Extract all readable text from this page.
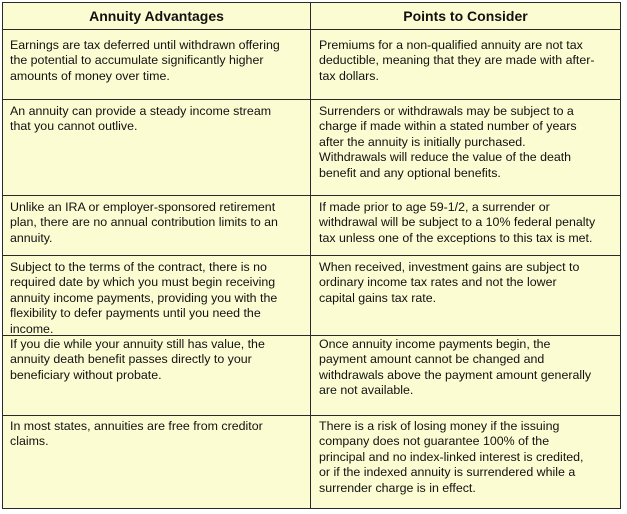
Annuity Advantages	Points to Consider
Earnings are tax deferred until withdrawn offering
the potential to accumulate significantly higher
amounts of money over time.
Premiums for a non-qualified annuity are not tax
deductible, meaning that they are made with after-
tax dollars.
An annuity can provide a steady income stream
that you cannot outlive.
Surrenders or withdrawals may be subject to a
charge if made within a stated number of years
after the annuity is initially purchased.
Withdrawals will reduce the value of the death
benefit and any optional benefits.
Unlike an IRA or employer-sponsored retirement
plan, there are no annual contribution limits to an
annuity.
If made prior to age 59-1/2, a surrender or
withdrawal will be subject to a 10% federal penalty
tax unless one of the exceptions to this tax is met.
Subject to the terms of the contract, there is no
required date by which you must begin receiving
annuity income payments, providing you with the
flexibility to defer payments until you need the
income.
When received, investment gains are subject to
ordinary income tax rates and not the lower
capital gains tax rate.
If you die while your annuity still has value, the
annuity death benefit passes directly to your
beneficiary without probate.
Once annuity income payments begin, the
payment amount cannot be changed and
withdrawals above the payment amount generally
are not available.
In most states, annuities are free from creditor
claims.
There is a risk of losing money if the issuing
company does not guarantee 100% of the
principal and no index-linked interest is credited,
or if the indexed annuity is surrendered while a
surrender charge is in effect.
